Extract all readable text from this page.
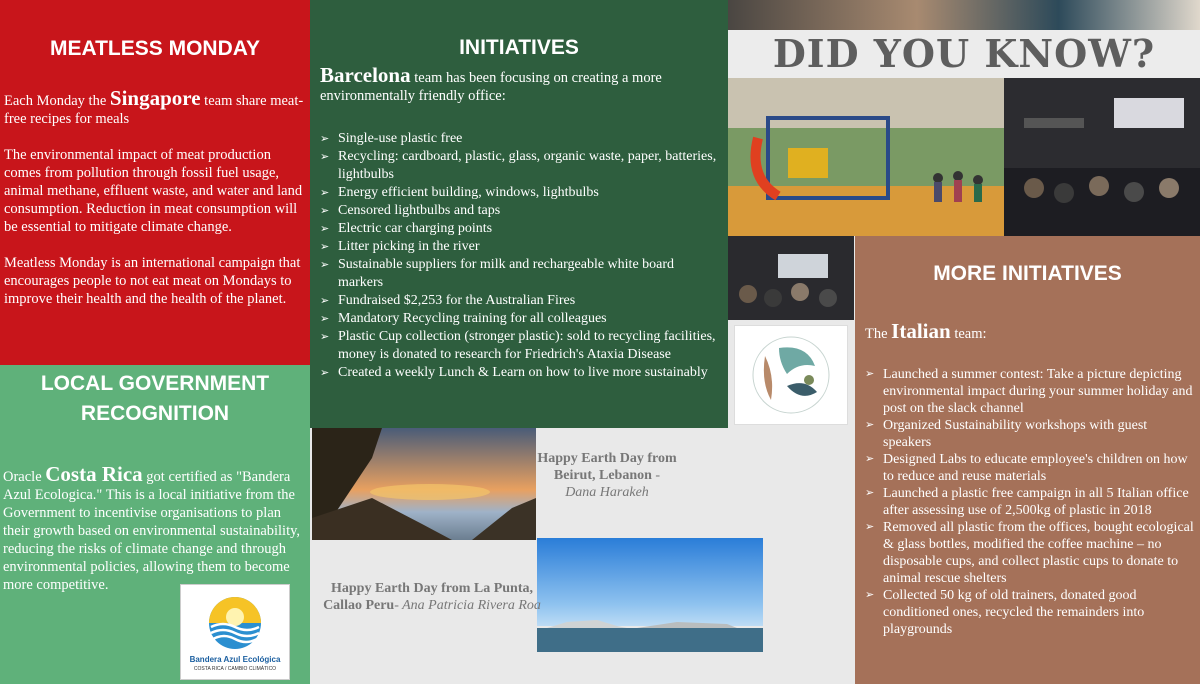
MEATLESS MONDAY

Each Monday the Singapore team share meat-free recipes for meals

The environmental impact of meat production comes from pollution through fossil fuel usage, animal methane, effluent waste, and water and land consumption. Reduction in meat consumption will be essential to mitigate climate change.

Meatless Monday is an international campaign that encourages people to not eat meat on Mondays to improve their health and the health of the planet.

LOCAL GOVERNMENT RECOGNITION
Oracle Costa Rica got certified as "Bandera Azul Ecologica." This is a local initiative from the Government to incentivise organisations to plan their growth based on environmental sustainability, reducing the risks of climate change and through environmental policies, allowing them to become more competitive.
Bandera Azul Ecológica
COSTA RICA / CAMBIO CLIMÁTICO
INITIATIVES
Barcelona team has been focusing on creating a more environmentally friendly office:
➢ Single-use plastic free
➢ Recycling: cardboard, plastic, glass, organic waste, paper, batteries, lightbulbs
➢ Energy efficient building, windows, lightbulbs
➢ Censored lightbulbs and taps
➢ Electric car charging points
➢ Litter picking in the river
➢ Sustainable suppliers for milk and rechargeable white board markers
➢ Fundraised $2,253 for the Australian Fires
➢ Mandatory Recycling training for all colleagues
➢ Plastic Cup collection (stronger plastic): sold to recycling facilities, money is donated to research for Friedrich's Ataxia Disease
➢ Created a weekly Lunch & Learn on how to live more sustainably
Happy Earth Day from Beirut, Lebanon - Dana Harakeh
Happy Earth Day from La Punta, Callao Peru- Ana Patricia Rivera Roa
DID YOU KNOW?
MORE INITIATIVES
The Italian team:
➢ Launched a summer contest: Take a picture depicting environmental impact during your summer holiday and post on the slack channel
➢ Organized Sustainability workshops with guest speakers
➢ Designed Labs to educate employee's children on how to reduce and reuse materials
➢ Launched a plastic free campaign in all 5 Italian office after assessing use of 2,500kg of plastic in 2018
➢ Removed all plastic from the offices, bought ecological & glass bottles, modified the coffee machine – no disposable cups, and collect plastic cups to donate to animal rescue shelters
➢ Collected 50 kg of old trainers, donated good conditioned ones, recycled the remainders into playgrounds
